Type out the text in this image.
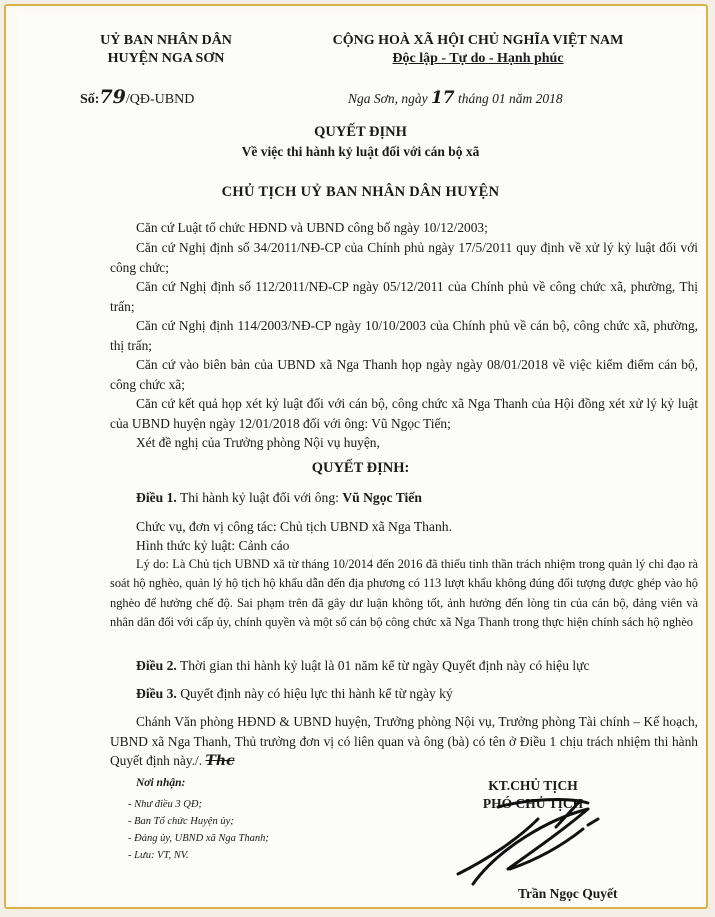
UỶ BAN NHÂN DÂN
HUYỆN NGA SƠN
CỘNG HOÀ XÃ HỘI CHỦ NGHĨA VIỆT NAM
Độc lập - Tự do - Hạnh phúc
Số:79/QĐ-UBND	Nga Sơn, ngày 17 tháng 01 năm 2018
QUYẾT ĐỊNH
Về việc thi hành kỷ luật đối với cán bộ xã
CHỦ TỊCH UỶ BAN NHÂN DÂN HUYỆN
Căn cứ Luật tổ chức HĐND và UBND công bố ngày 10/12/2003;
Căn cứ Nghị định số 34/2011/NĐ-CP của Chính phủ ngày 17/5/2011 quy định về xử lý kỷ luật đối với công chức;
Căn cứ Nghị định số 112/2011/NĐ-CP ngày 05/12/2011 của Chính phủ về công chức xã, phường, Thị trấn;
Căn cứ Nghị định 114/2003/NĐ-CP ngày 10/10/2003 của Chính phủ về cán bộ, công chức xã, phường, thị trấn;
Căn cứ vào biên bản của UBND xã Nga Thanh họp ngày ngày 08/01/2018 về việc kiểm điểm cán bộ, công chức xã;
Căn cứ kết quả họp xét kỷ luật đối với cán bộ, công chức xã Nga Thanh của Hội đồng xét xử lý kỷ luật của UBND huyện ngày 12/01/2018 đối với ông: Vũ Ngọc Tiến;
Xét đề nghị của Trưởng phòng Nội vụ huyện,
QUYẾT ĐỊNH:
Điều 1. Thi hành kỷ luật đối với ông: Vũ Ngọc Tiến
Chức vụ, đơn vị công tác: Chủ tịch UBND xã Nga Thanh.
Hình thức kỷ luật: Cảnh cáo
Lý do: Là Chủ tịch UBND xã từ tháng 10/2014 đến 2016 đã thiếu tinh thần trách nhiệm trong quản lý chỉ đạo rà soát hộ nghèo, quản lý hộ tịch hộ khẩu dẫn đến địa phương có 113 lượt khẩu không đúng đối tượng được ghép vào hộ nghèo để hưởng chế độ. Sai phạm trên đã gây dư luận không tốt, ảnh hưởng đến lòng tin của cán bộ, đảng viên và nhân dân đối với cấp ủy, chính quyền và một số cán bộ công chức xã Nga Thanh trong thực hiện chính sách hộ nghèo
Điều 2. Thời gian thi hành kỷ luật là 01 năm kể từ ngày Quyết định này có hiệu lực
Điều 3. Quyết định này có hiệu lực thi hành kể từ ngày ký
Chánh Văn phòng HĐND & UBND huyện, Trưởng phòng Nội vụ, Trưởng phòng Tài chính – Kế hoạch, UBND xã Nga Thanh, Thủ trưởng đơn vị có liên quan và ông (bà) có tên ở Điều 1 chịu trách nhiệm thi hành Quyết định này./. Thc
Nơi nhận:
- Như điều 3 QĐ;
- Ban Tổ chức Huyện ủy;
- Đảng ủy, UBND xã Nga Thanh;
- Lưu: VT, NV.
KT.CHỦ TỊCH
PHÓ CHỦ TỊCH
Trần Ngọc Quyết
